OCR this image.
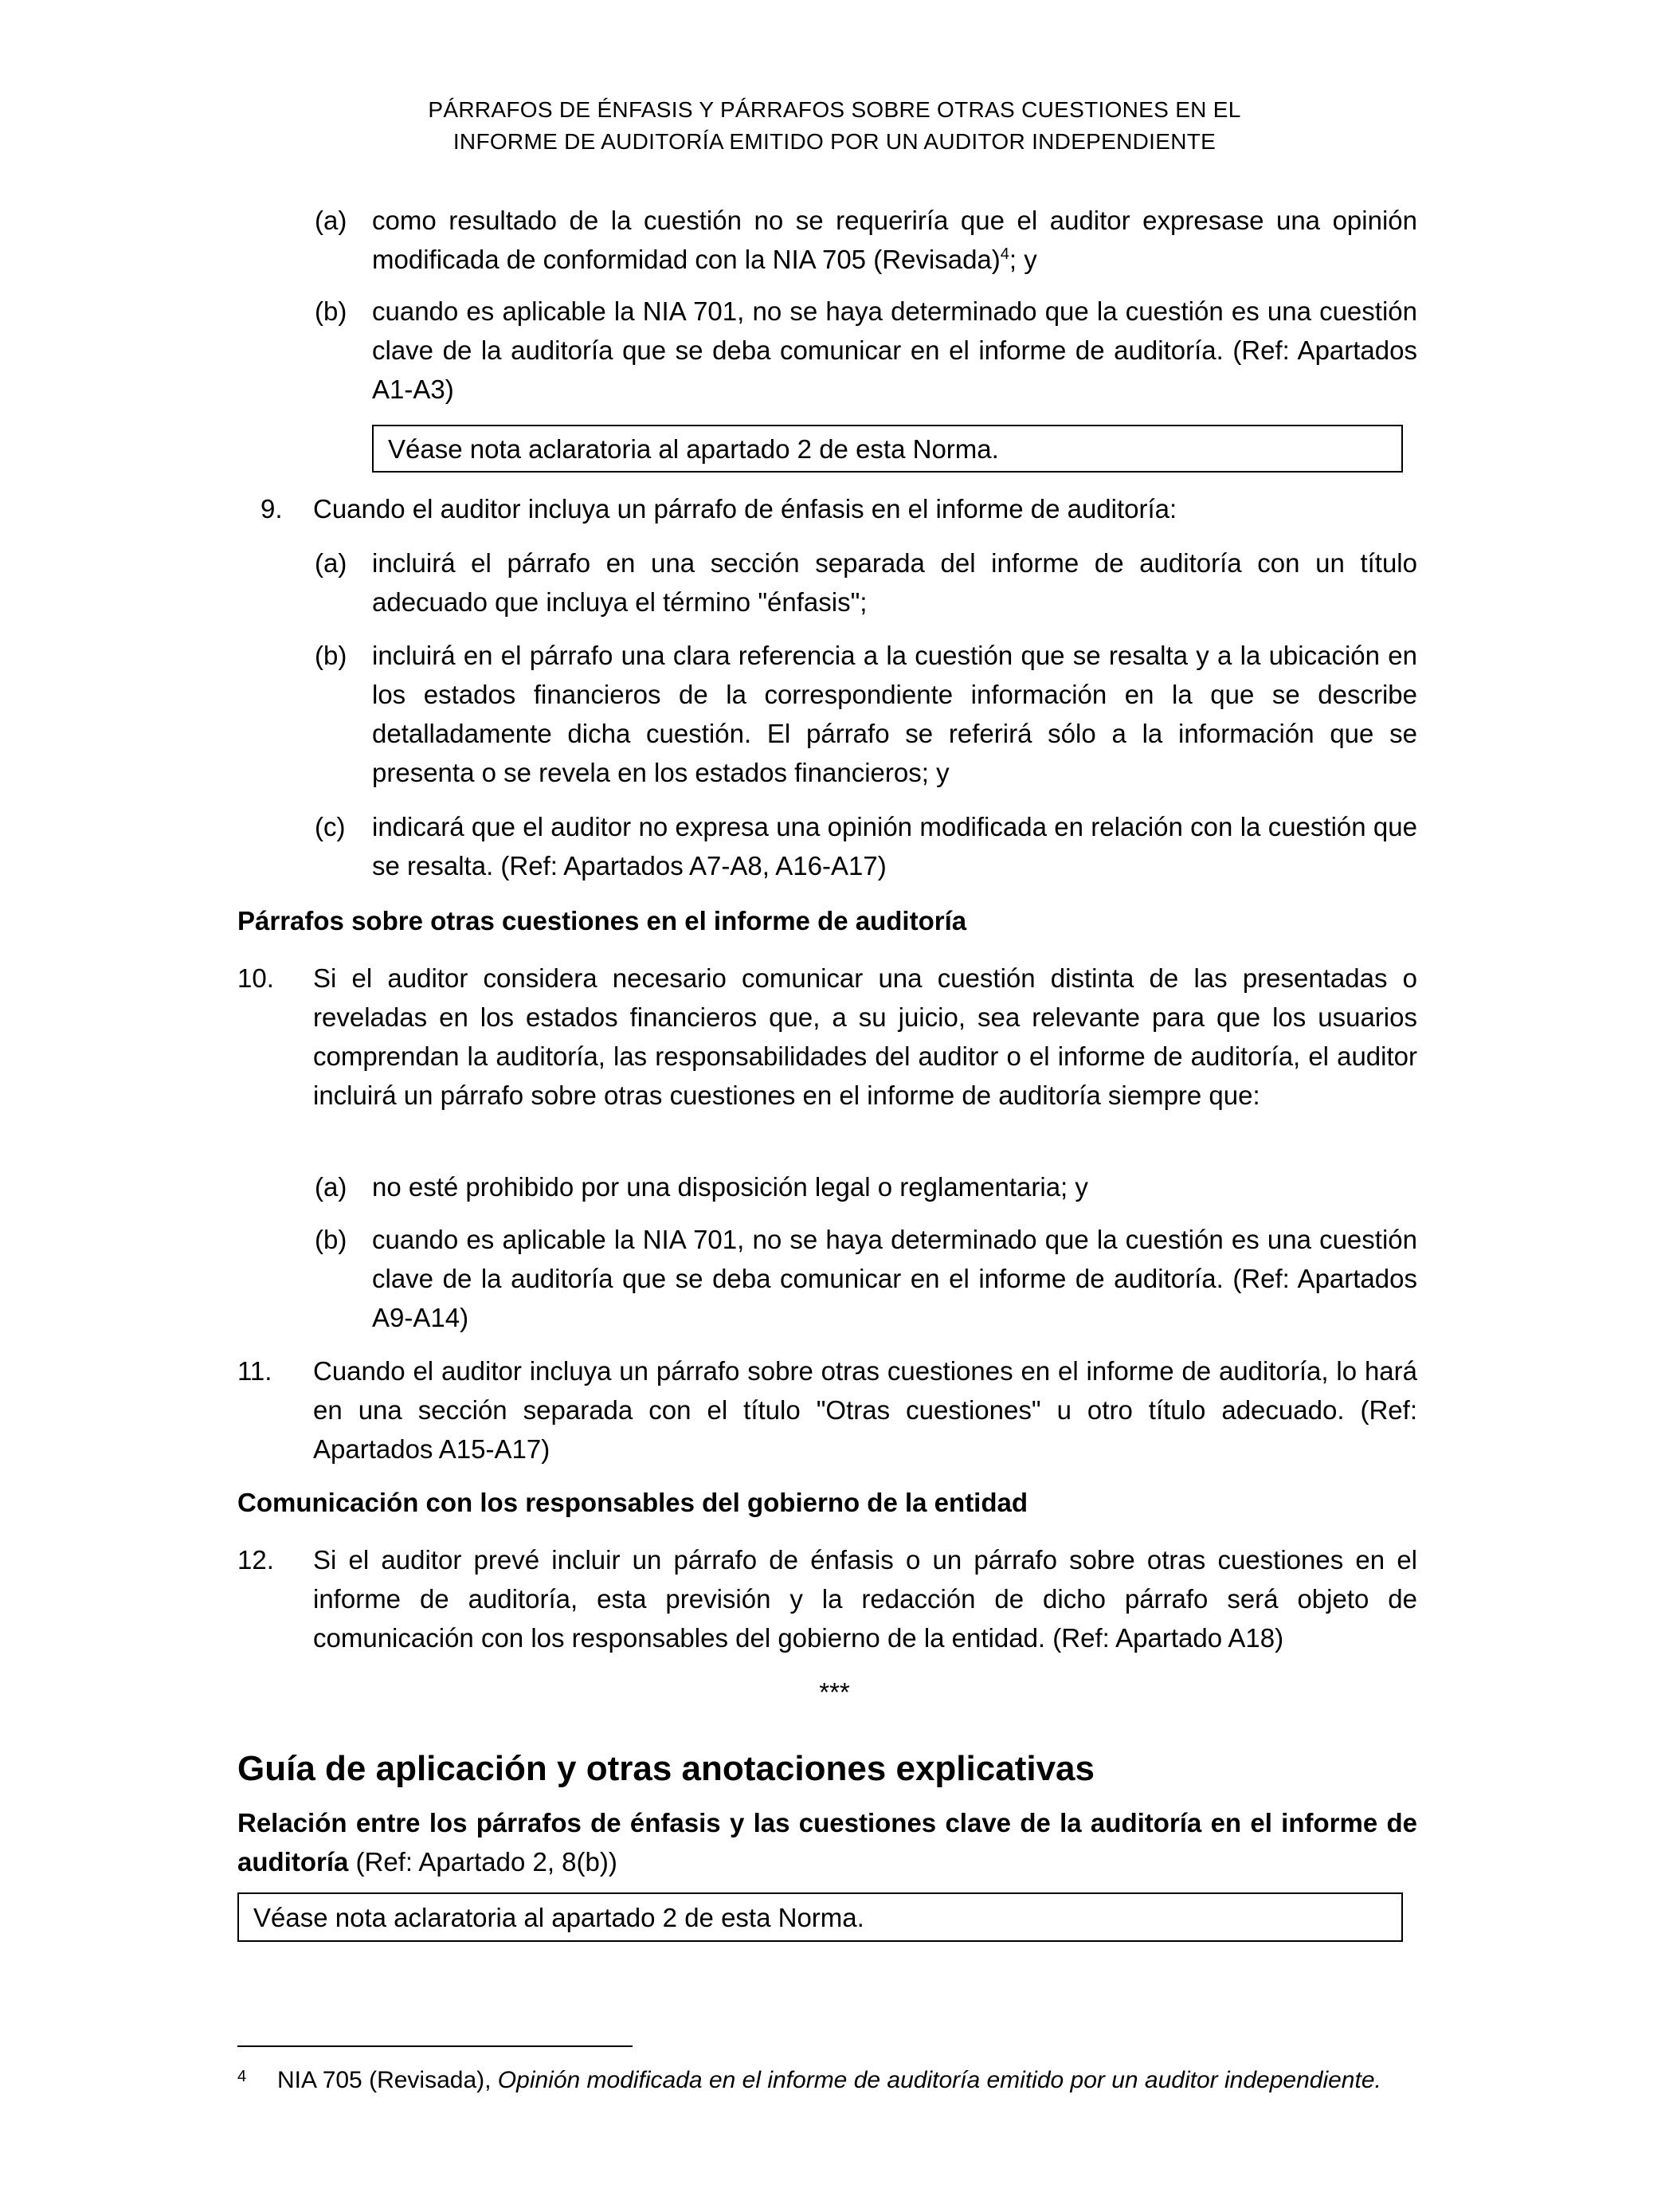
PÁRRAFOS DE ÉNFASIS Y PÁRRAFOS SOBRE OTRAS CUESTIONES EN EL
INFORME DE AUDITORÍA EMITIDO POR UN AUDITOR INDEPENDIENTE
(a) como resultado de la cuestión no se requeriría que el auditor expresase una opinión modificada de conformidad con la NIA 705 (Revisada)$^4$; y
(b) cuando es aplicable la NIA 701, no se haya determinado que la cuestión es una cuestión clave de la auditoría que se deba comunicar en el informe de auditoría. (Ref: Apartados A1-A3)
Véase nota aclaratoria al apartado 2 de esta Norma.
9. Cuando el auditor incluya un párrafo de énfasis en el informe de auditoría:
(a) incluirá el párrafo en una sección separada del informe de auditoría con un título adecuado que incluya el término "énfasis";
(b) incluirá en el párrafo una clara referencia a la cuestión que se resalta y a la ubicación en los estados financieros de la correspondiente información en la que se describe detalladamente dicha cuestión. El párrafo se referirá sólo a la información que se presenta o se revela en los estados financieros; y
(c) indicará que el auditor no expresa una opinión modificada en relación con la cuestión que se resalta. (Ref: Apartados A7-A8, A16-A17)
Párrafos sobre otras cuestiones en el informe de auditoría
10. Si el auditor considera necesario comunicar una cuestión distinta de las presentadas o reveladas en los estados financieros que, a su juicio, sea relevante para que los usuarios comprendan la auditoría, las responsabilidades del auditor o el informe de auditoría, el auditor incluirá un párrafo sobre otras cuestiones en el informe de auditoría siempre que:
(a) no esté prohibido por una disposición legal o reglamentaria; y
(b) cuando es aplicable la NIA 701, no se haya determinado que la cuestión es una cuestión clave de la auditoría que se deba comunicar en el informe de auditoría. (Ref: Apartados A9-A14)
11. Cuando el auditor incluya un párrafo sobre otras cuestiones en el informe de auditoría, lo hará en una sección separada con el título "Otras cuestiones" u otro título adecuado. (Ref: Apartados A15-A17)
Comunicación con los responsables del gobierno de la entidad
12. Si el auditor prevé incluir un párrafo de énfasis o un párrafo sobre otras cuestiones en el informe de auditoría, esta previsión y la redacción de dicho párrafo será objeto de comunicación con los responsables del gobierno de la entidad. (Ref: Apartado A18)
***
Guía de aplicación y otras anotaciones explicativas
Relación entre los párrafos de énfasis y las cuestiones clave de la auditoría en el informe de auditoría (Ref: Apartado 2, 8(b))
Véase nota aclaratoria al apartado 2 de esta Norma.
4 NIA 705 (Revisada), Opinión modificada en el informe de auditoría emitido por un auditor independiente.
